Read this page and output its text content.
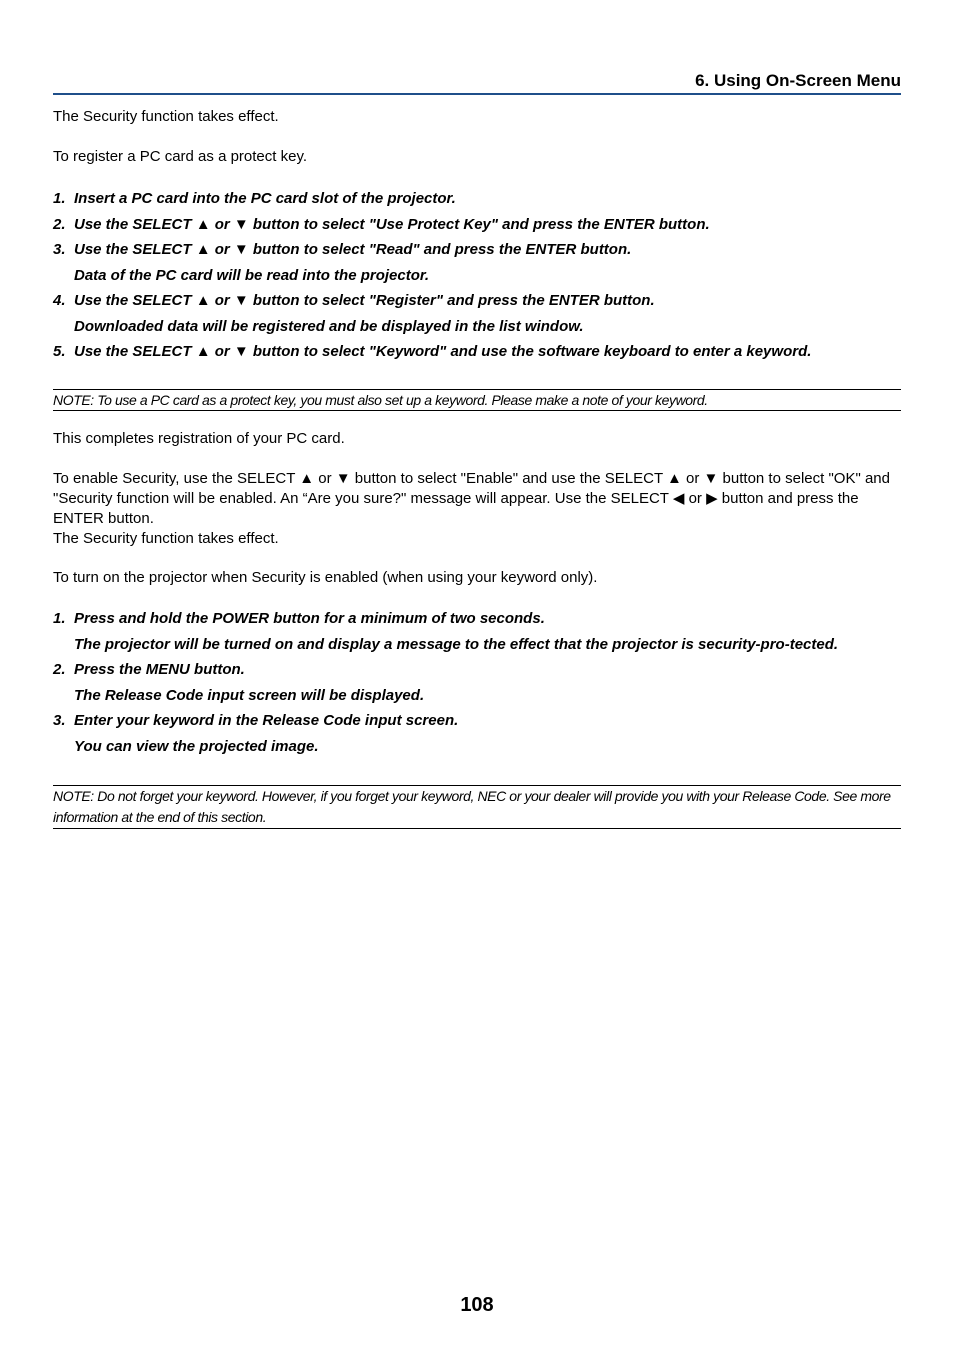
6. Using On-Screen Menu

The Security function takes effect.

To register a PC card as a protect key.

1. Insert a PC card into the PC card slot of the projector.
2. Use the SELECT ▲ or ▼ button to select "Use Protect Key" and press the ENTER button.
3. Use the SELECT ▲ or ▼ button to select "Read" and press the ENTER button.
Data of the PC card will be read into the projector.
4. Use the SELECT ▲ or ▼ button to select "Register" and press the ENTER button.
Downloaded data will be registered and be displayed in the list window.
5. Use the SELECT ▲ or ▼ button to select "Keyword" and use the software keyboard to enter a keyword.
NOTE: To use a PC card as a protect key, you must also set up a keyword. Please make a note of your keyword.

This completes registration of your PC card.

To enable Security, use the SELECT ▲ or ▼ button to select "Enable" and use the SELECT ▲ or ▼ button to select "OK" and "Security function will be enabled. An “Are you sure?" message will appear. Use the SELECT ◀ or ▶ button and press the ENTER button.

The Security function takes effect.

To turn on the projector when Security is enabled (when using your keyword only).

1. Press and hold the POWER button for a minimum of two seconds.
The projector will be turned on and display a message to the effect that the projector is security-pro-tected.
2. Press the MENU button.
The Release Code input screen will be displayed.
3. Enter your keyword in the Release Code input screen.
You can view the projected image.
NOTE: Do not forget your keyword. However, if you forget your keyword, NEC or your dealer will provide you with your Release Code. See more information at the end of this section.
108
